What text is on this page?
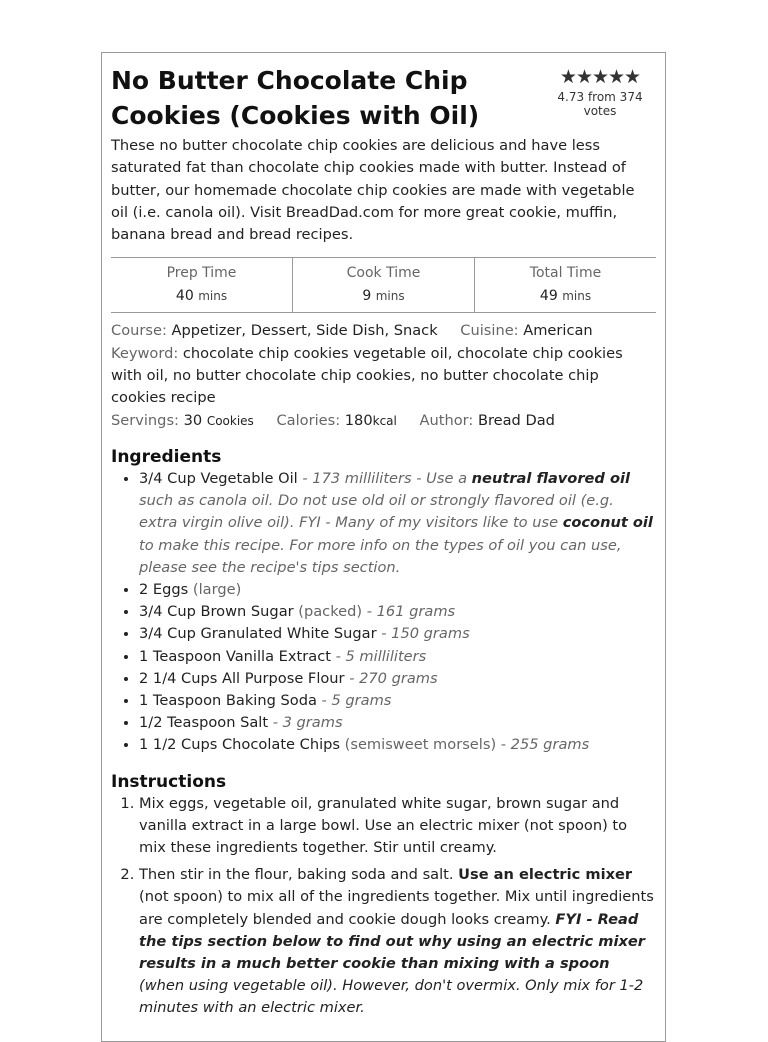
No Butter Chocolate Chip Cookies (Cookies with Oil)
★★★★★
4.73 from 374 votes

These no butter chocolate chip cookies are delicious and have less saturated fat than chocolate chip cookies made with butter. Instead of butter, our homemade chocolate chip cookies are made with vegetable oil (i.e. canola oil). Visit BreadDad.com for more great cookie, muffin, banana bread and bread recipes.

Prep Time
40 mins
Cook Time
9 mins
Total Time
49 mins
Course: Appetizer, Dessert, Side Dish, Snack Cuisine: American
Keyword: chocolate chip cookies vegetable oil, chocolate chip cookies with oil, no butter chocolate chip cookies, no butter chocolate chip cookies recipe
Servings: 30 Cookies Calories: 180kcal Author: Bread Dad
Ingredients
• 3/4 Cup Vegetable Oil - 173 milliliters - Use a neutral flavored oil such as canola oil. Do not use old oil or strongly flavored oil (e.g. extra virgin olive oil). FYI - Many of my visitors like to use coconut oil to make this recipe. For more info on the types of oil you can use, please see the recipe's tips section.
• 2 Eggs (large)
• 3/4 Cup Brown Sugar (packed) - 161 grams
• 3/4 Cup Granulated White Sugar - 150 grams
• 1 Teaspoon Vanilla Extract - 5 milliliters
• 2 1/4 Cups All Purpose Flour - 270 grams
• 1 Teaspoon Baking Soda - 5 grams
• 1/2 Teaspoon Salt - 3 grams
• 1 1/2 Cups Chocolate Chips (semisweet morsels) - 255 grams
Instructions
1. Mix eggs, vegetable oil, granulated white sugar, brown sugar and vanilla extract in a large bowl. Use an electric mixer (not spoon) to mix these ingredients together. Stir until creamy.
2. Then stir in the flour, baking soda and salt. Use an electric mixer (not spoon) to mix all of the ingredients together. Mix until ingredients are completely blended and cookie dough looks creamy. FYI - Read the tips section below to find out why using an electric mixer results in a much better cookie than mixing with a spoon (when using vegetable oil). However, don't overmix. Only mix for 1-2 minutes with an electric mixer.
